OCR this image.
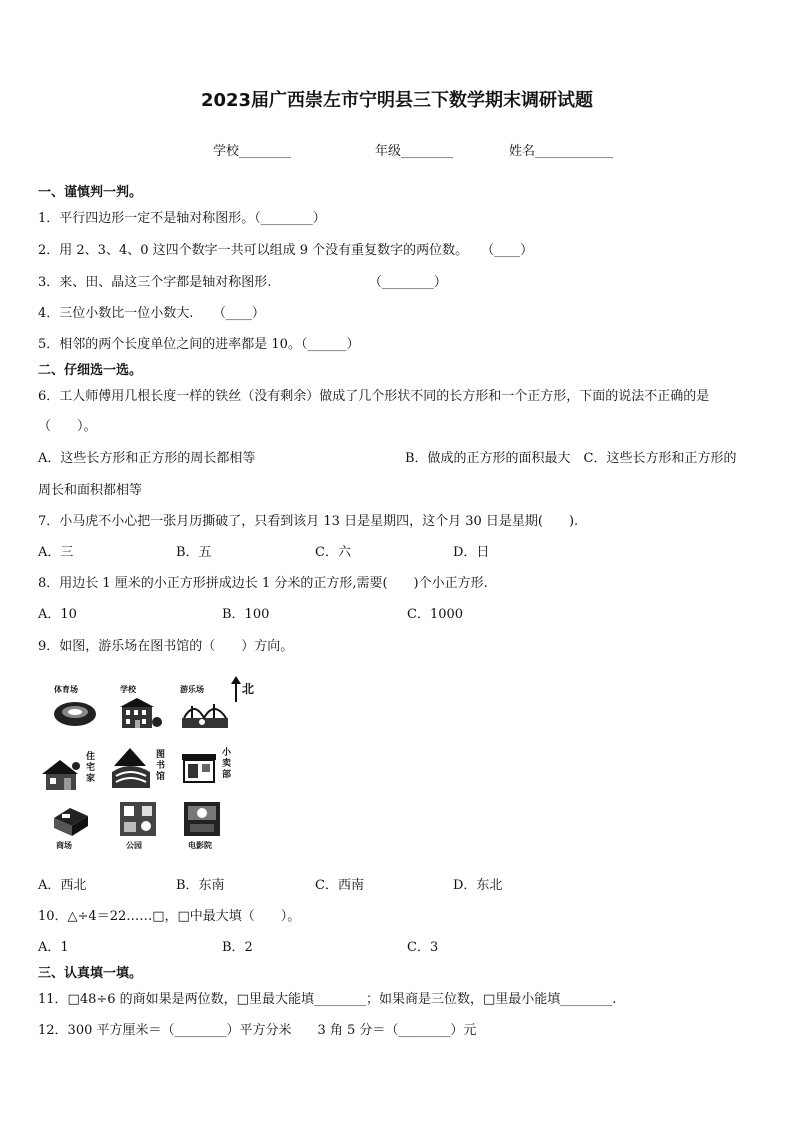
2023届广西崇左市宁明县三下数学期末调研试题
学校________	年级________	姓名____________
一、谨慎判一判。
1．平行四边形一定不是轴对称图形。（________）
2．用 2、3、4、0 这四个数字一共可以组成 9 个没有重复数字的两位数。　　（____）
3．来、田、晶这三个字都是轴对称图形.　　　　　　　　（________）
4．三位小数比一位小数大.　　（____）
5．相邻的两个长度单位之间的进率都是 10。（______）
二、仔细选一选。
6．工人师傅用几根长度一样的铁丝（没有剩余）做成了几个形状不同的长方形和一个正方形，下面的说法不正确的是
（　　）。
A．这些长方形和正方形的周长都相等	B．做成的正方形的面积最大　C．这些长方形和正方形的
周长和面积都相等
7．小马虎不小心把一张月历撕破了，只看到该月 13 日是星期四，这个月 30 日是星期(　　).
A．三	B．五	C．六	D．日
8．用边长 1 厘米的小正方形拼成边长 1 分米的正方形,需要(　　)个小正方形.
A．10	B．100	C．1000
9．如图，游乐场在图书馆的（　　）方向。
北
体育场	学校	游乐场
住宅家
图书馆
小卖部
商场	公园	电影院
A．西北	B．东南	C．西南	D．东北
10．△÷4＝22……□，□中最大填（　　）。
A．1	B．2	C．3
三、认真填一填。
11．□48÷6 的商如果是两位数，□里最大能填________；如果商是三位数，□里最小能填________.
12．300 平方厘米＝（________）平方分米　　3 角 5 分＝（________）元
